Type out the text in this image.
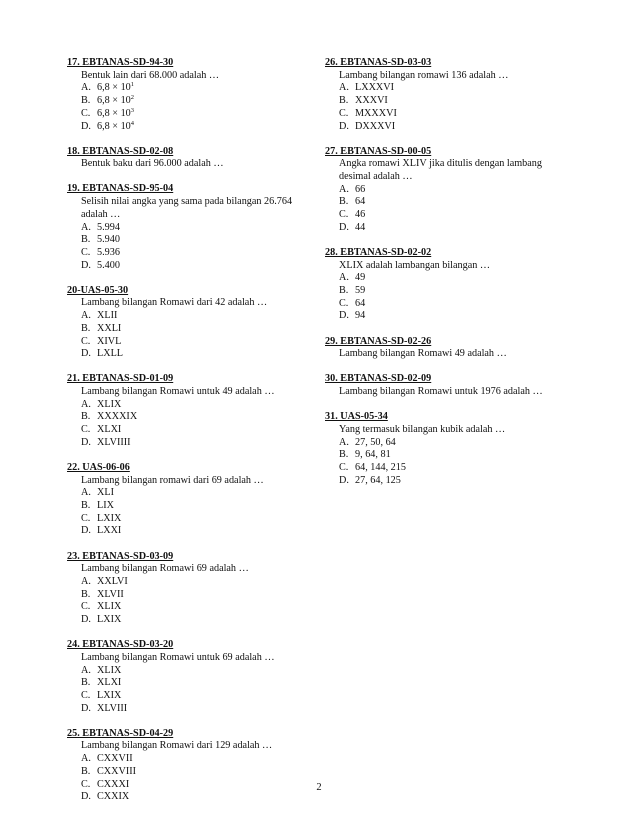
17. EBTANAS-SD-94-30
Bentuk lain dari 68.000 adalah …
A. $6,8 \times 10^1$
B. $6,8 \times 10^2$
C. $6,8 \times 10^3$
D. $6,8 \times 10^4$
18. EBTANAS-SD-02-08
Bentuk baku dari 96.000 adalah …
19. EBTANAS-SD-95-04
Selisih nilai angka yang sama pada bilangan 26.764
adalah …
A. 5.994
B. 5.940
C. 5.936
D. 5.400
20-UAS-05-30
Lambang bilangan Romawi dari 42 adalah …
A. XLII
B. XXLI
C. XIVL
D. LXLL
21. EBTANAS-SD-01-09
Lambang bilangan Romawi untuk 49 adalah …
A. XLIX
B. XXXXIX
C. XLXI
D. XLVIIII
22. UAS-06-06
Lambang bilangan romawi dari 69 adalah …
A. XLI
B. LIX
C. LXIX
D. LXXI
23. EBTANAS-SD-03-09
Lambang bilangan Romawi 69 adalah …
A. XXLVI
B. XLVII
C. XLIX
D. LXIX
24. EBTANAS-SD-03-20
Lambang bilangan Romawi untuk 69 adalah …
A. XLIX
B. XLXI
C. LXIX
D. XLVIII
25. EBTANAS-SD-04-29
Lambang bilangan Romawi dari 129 adalah …
A. CXXVII
B. CXXVIII
C. CXXXI
D. CXXIX
26. EBTANAS-SD-03-03
Lambang bilangan romawi 136 adalah …
A. LXXXVI
B. XXXVI
C. MXXXVI
D. DXXXVI
27. EBTANAS-SD-00-05
Angka romawi XLIV jika ditulis dengan lambang
desimal adalah …
A. 66
B. 64
C. 46
D. 44
28. EBTANAS-SD-02-02
XLIX adalah lambangan bilangan …
A. 49
B. 59
C. 64
D. 94
29. EBTANAS-SD-02-26
Lambang bilangan Romawi 49 adalah …
30. EBTANAS-SD-02-09
Lambang bilangan Romawi untuk 1976 adalah …
31. UAS-05-34
Yang termasuk bilangan kubik adalah …
A. 27, 50, 64
B. 9, 64, 81
C. 64, 144, 215
D. 27, 64, 125
2
